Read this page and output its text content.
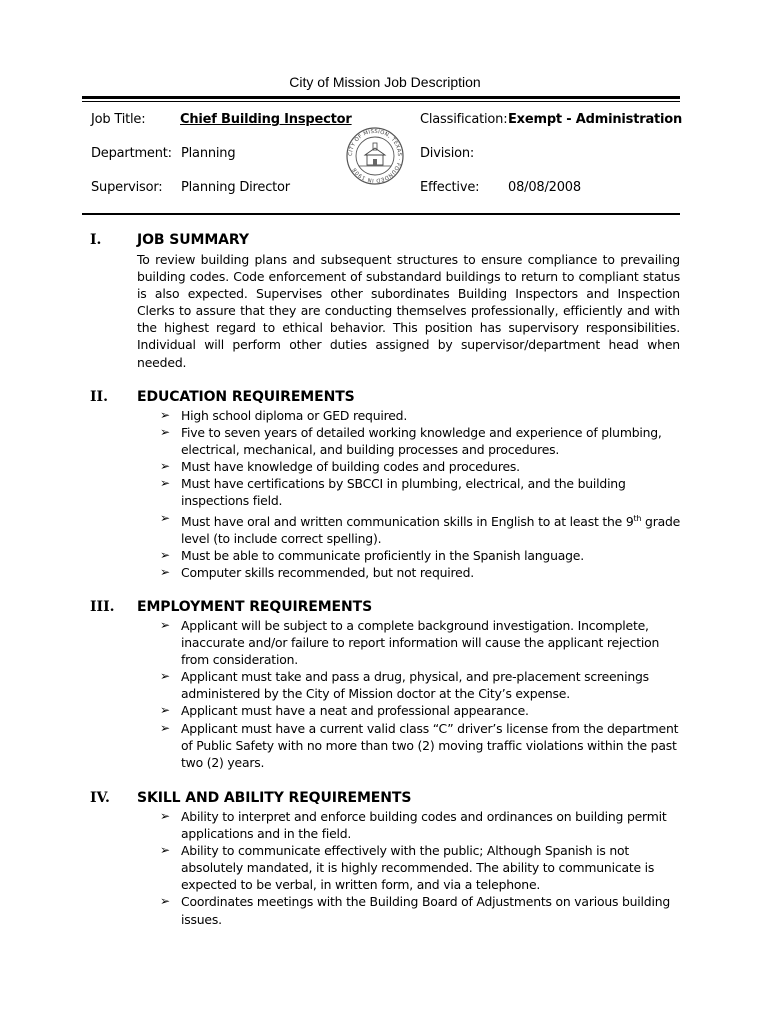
City of Mission Job Description
Job Title:	Chief Building Inspector	Classification: Exempt - Administration
Department: Planning	Division:
Supervisor: Planning Director	Effective: 08/08/2008
CITY OF MISSION, TEXAS · FOUNDED IN 1908
I.	JOB SUMMARY
To review building plans and subsequent structures to ensure compliance to prevailing building codes. Code enforcement of substandard buildings to return to compliant status is also expected. Supervises other subordinates Building Inspectors and Inspection Clerks to assure that they are conducting themselves professionally, efficiently and with the highest regard to ethical behavior. This position has supervisory responsibilities. Individual will perform other duties assigned by supervisor/department head when needed.
II. EDUCATION REQUIREMENTS
➢ High school diploma or GED required.
➢ Five to seven years of detailed working knowledge and experience of plumbing, electrical, mechanical, and building processes and procedures.
➢ Must have knowledge of building codes and procedures.
➢ Must have certifications by SBCCI in plumbing, electrical, and the building inspections field.
➢ Must have oral and written communication skills in English to at least the 9th grade level (to include correct spelling).
➢ Must be able to communicate proficiently in the Spanish language.
➢ Computer skills recommended, but not required.
III. EMPLOYMENT REQUIREMENTS
➢ Applicant will be subject to a complete background investigation. Incomplete, inaccurate and/or failure to report information will cause the applicant rejection from consideration.
➢ Applicant must take and pass a drug, physical, and pre-placement screenings administered by the City of Mission doctor at the City’s expense.
➢ Applicant must have a neat and professional appearance.
➢ Applicant must have a current valid class “C” driver’s license from the department of Public Safety with no more than two (2) moving traffic violations within the past two (2) years.
IV. SKILL AND ABILITY REQUIREMENTS
➢ Ability to interpret and enforce building codes and ordinances on building permit applications and in the field.
➢ Ability to communicate effectively with the public; Although Spanish is not absolutely mandated, it is highly recommended. The ability to communicate is expected to be verbal, in written form, and via a telephone.
➢ Coordinates meetings with the Building Board of Adjustments on various building issues.
